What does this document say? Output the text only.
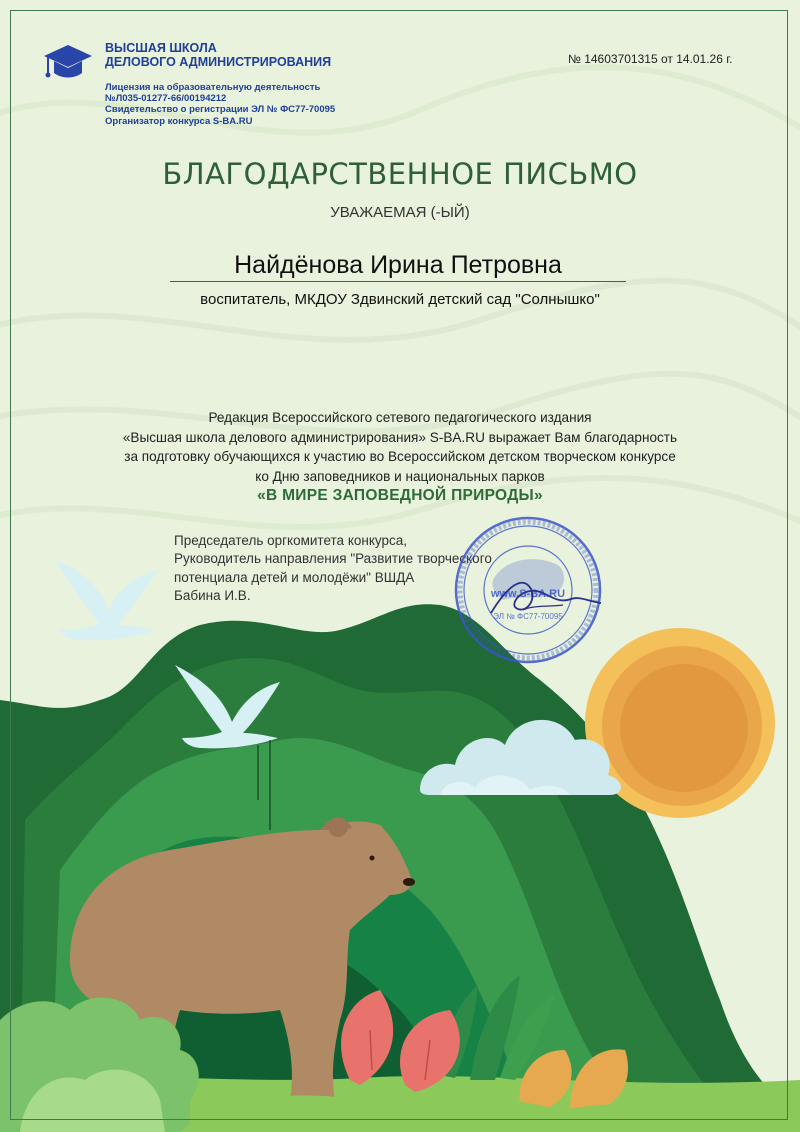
ВЫСШАЯ ШКОЛА
ДЕЛОВОГО АДМИНИСТРИРОВАНИЯ
Лицензия на образовательную деятельность
№Л035-01277-66/00194212
Свидетельство о регистрации ЭЛ № ФС77-70095
Организатор конкурса S-BA.RU
№ 14603701315 от 14.01.26 г.
БЛАГОДАРСТВЕННОЕ ПИСЬМО
УВАЖАЕМАЯ (-ЫЙ)
Найдёнова Ирина Петровна
воспитатель, МКДОУ Здвинский детский сад "Солнышко"
Редакция Всероссийского сетевого педагогического издания
«Высшая школа делового администрирования» S-BA.RU выражает Вам благодарность
за подготовку обучающихся к участию во Всероссийском детском творческом конкурсе
ко Дню заповедников и национальных парков
«В МИРЕ ЗАПОВЕДНОЙ ПРИРОДЫ»
Председатель оргкомитета конкурса,
Руководитель направления "Развитие творческого
потенциала детей и молодёжи" ВШДА
Бабина И.В.	www.S-BA.RU
ЭЛ № ФС77-70095
